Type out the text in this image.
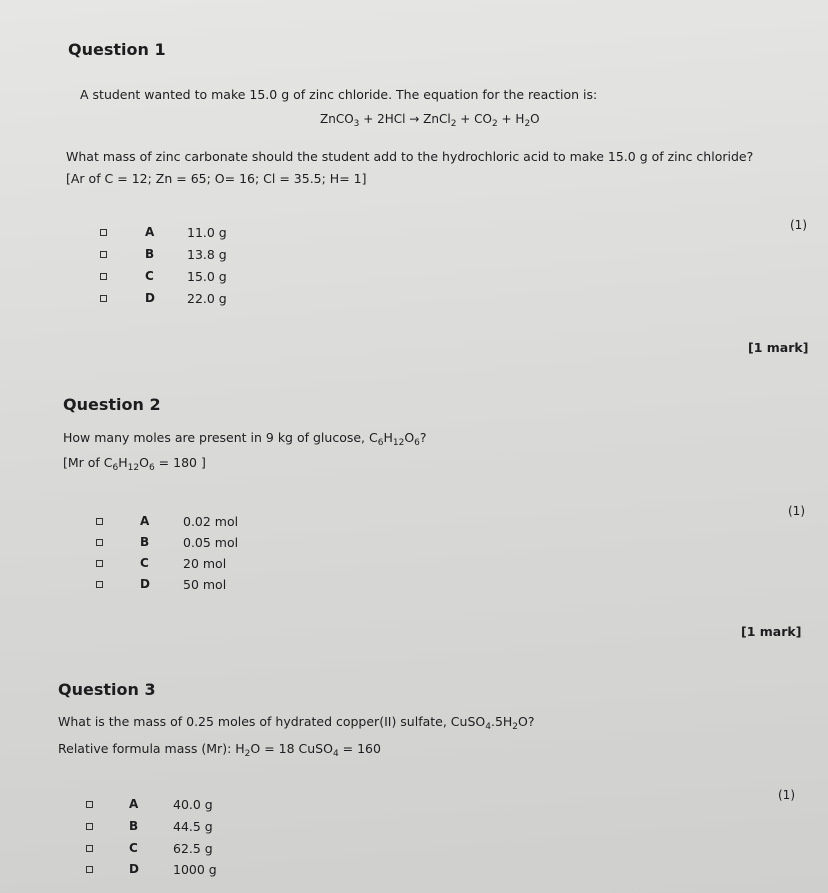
Question 1
A student wanted to make 15.0 g of zinc chloride. The equation for the reaction is:
ZnCO$_3$ + 2HCl → ZnCl$_2$ + $CO_2 + H_2O$
What mass of zinc carbonate should the student add to the hydrochloric acid to make 15.0 g of zinc chloride?
[Ar of C = 12; Zn = 65; O= 16; Cl = 35.5; H= 1]
(1)
A	11.0 g
B	13.8 g
C	15.0 g
D	22.0 g
[1 mark]
Question 2
How many moles are present in 9 kg of glucose, $C_6H_{12}O_6$?
[Mr of $C_6H_{12}O_6 = 180$ ]
(1)
A	0.02 mol
B	0.05 mol
C	20 mol
D	50 mol
[1 mark]
Question 3
What is the mass of 0.25 moles of hydrated copper(II) sulfate, $CuSO_4.5H_2O$?
Relative formula mass (Mr): $H_2O = 18$ CuSO$_4$ = 160
(1)
A	40.0 g
B	44.5 g
C	62.5 g
D	1000 g
